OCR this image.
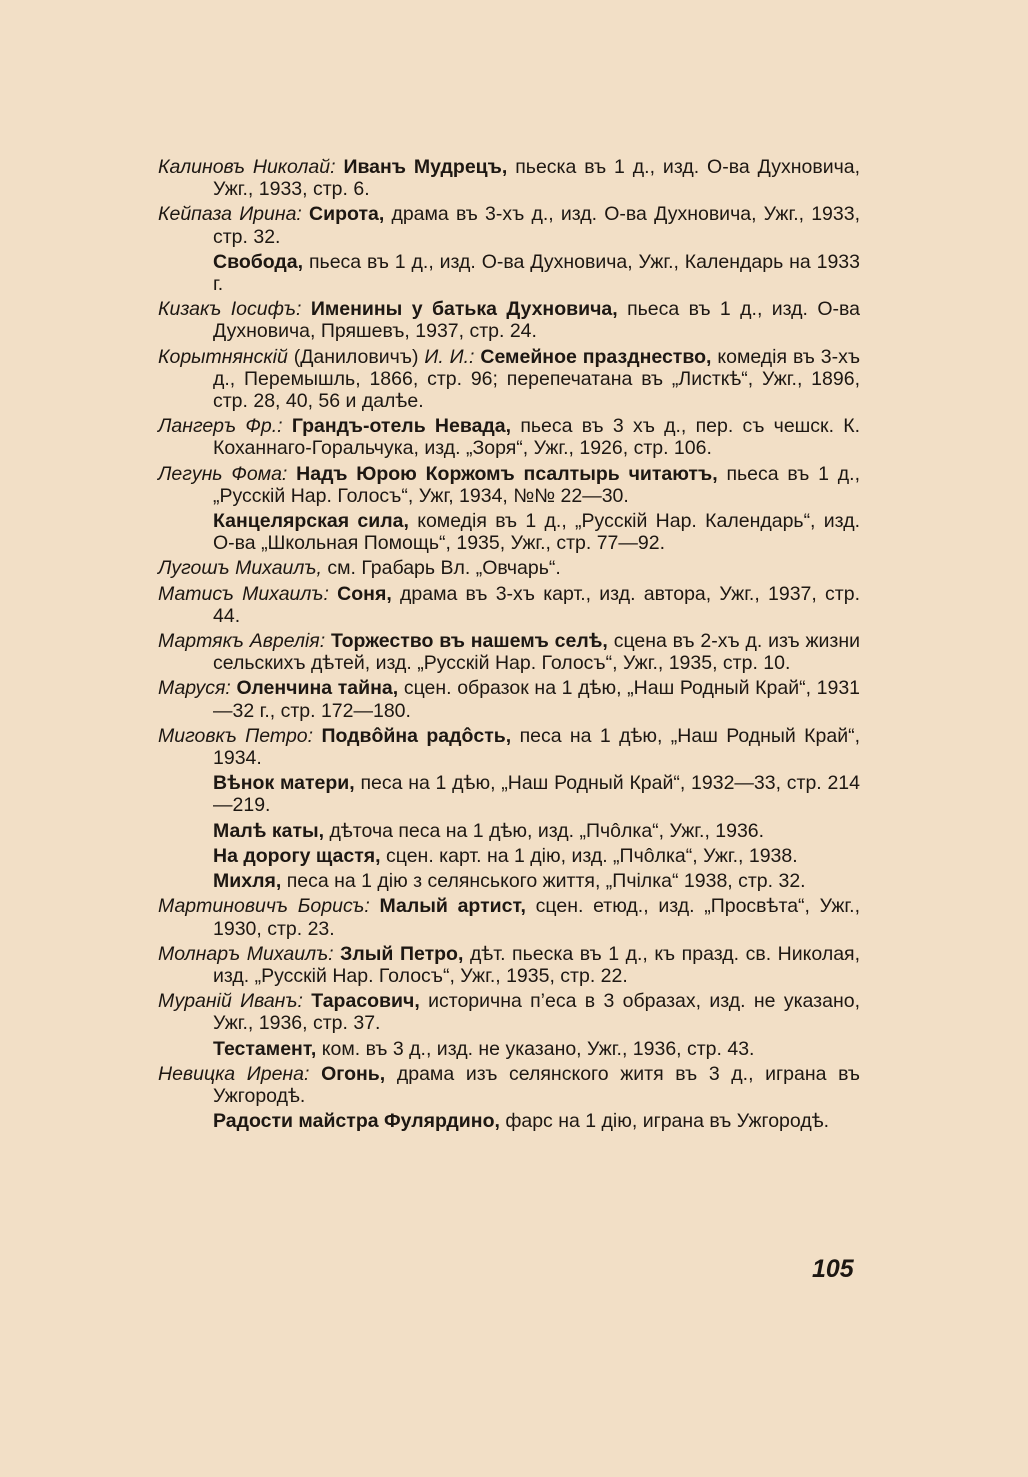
Калиновъ Николай: Иванъ Мудрецъ, пьеска въ 1 д., изд. О-ва Духновича, Ужг., 1933, стр. 6.

Кейпаза Ирина: Сирота, драма въ 3-хъ д., изд. О-ва Духновича, Ужг., 1933, стр. 32.

Свобода, пьеса въ 1 д., изд. О-ва Духновича, Ужг., Календарь на 1933 г.

Кизакъ Іосифъ: Именины у батька Духновича, пьеса въ 1 д., изд. О-ва Духновича, Пряшевъ, 1937, стр. 24.

Корытнянскій (Даниловичъ) И. И.: Семейное празднество, комедія въ 3-хъ д., Перемышль, 1866, стр. 96; перепечатана въ „Листкѣ“, Ужг., 1896, стр. 28, 40, 56 и далѣе.

Лангеръ Фр.: Грандъ-отель Невада, пьеса въ 3 хъ д., пер. съ чешск. К. Коханнаго-Горальчука, изд. „Зоря“, Ужг., 1926, стр. 106.

Легунь Фома: Надъ Юрою Коржомъ псалтырь читаютъ, пьеса въ 1 д., „Русскій Нар. Голосъ“, Ужг, 1934, №№ 22—30.

Канцелярская сила, комедія въ 1 д., „Русскій Нар. Календарь“, изд. О-ва „Школьная Помощь“, 1935, Ужг., стр. 77—92.

Лугошъ Михаилъ, см. Грабарь Вл. „Овчарь“.

Матисъ Михаилъ: Соня, драма въ 3-хъ карт., изд. автора, Ужг., 1937, стр. 44.

Мартякъ Аврелія: Торжество въ нашемъ селѣ, сцена въ 2-хъ д. изъ жизни сельскихъ дѣтей, изд. „Русскій Нар. Голосъ“, Ужг., 1935, стр. 10.

Маруся: Оленчина тайна, сцен. образок на 1 дѣю, „Наш Родный Край“, 1931—32 г., стр. 172—180.

Миговкъ Петро: Подвôйна радôсть, песа на 1 дѣю, „Наш Родный Край“, 1934.

Вѣнок матери, песа на 1 дѣю, „Наш Родный Край“, 1932—33, стр. 214—219.

Малѣ каты, дѣточа песа на 1 дѣю, изд. „Пчôлка“, Ужг., 1936.

На дорогу щастя, сцен. карт. на 1 дію, изд. „Пчôлка“, Ужг., 1938.

Михля, песа на 1 дію з селянського життя, „Пчілка“ 1938, стр. 32.

Мартиновичъ Борисъ: Малый артист, сцен. етюд., изд. „Просвѣта“, Ужг., 1930, стр. 23.

Молнаръ Михаилъ: Злый Петро, дѣт. пьеска въ 1 д., къ празд. св. Николая, изд. „Русскій Нар. Голосъ“, Ужг., 1935, стр. 22.

Мураній Иванъ: Тарасович, исторична п’еса в 3 образах, изд. не указано, Ужг., 1936, стр. 37.

Тестамент, ком. въ 3 д., изд. не указано, Ужг., 1936, стр. 43.

Невицка Ирена: Огонь, драма изъ селянского житя въ 3 д., играна въ Ужгородѣ.

Радости майстра Фулярдино, фарс на 1 дію, играна въ Ужгородѣ.

105
